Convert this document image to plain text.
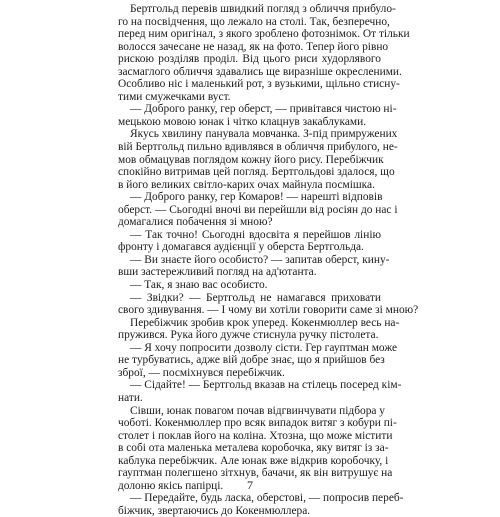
Бертгольд перевів швидкий погляд з обличчя прибуло-
го на посвідчення, що лежало на столі. Так, безперечно,
перед ним оригінал, з якого зроблено фотознімок. От тільки
волосся зачесане не назад, як на фото. Тепер його рівно
рискою розділяв проділ. Від цього риси худорлявого
засмаглого обличчя здавались ще виразніше окресленими.
Особливо ніс і маленький рот, з вузькими, щільно стисну-
тими смужечками вуст.
— Доброго ранку, гер оберст, — привітався чистою ні-
мецькою мовою юнак і чітко клацнув закаблуками.
Якусь хвилину панувала мовчанка. З-під примружених
вій Бертгольд пильно вдивлявся в обличчя прибулого, не-
мов обмацував поглядом кожну його рису. Перебіжчик
спокійно витримав цей погляд. Бертгольдові здалося, що
в його великих світло-карих очах майнула посмішка.
— Доброго ранку, гер Комаров! — нарешті відповів
оберст. — Сьогодні вночі ви перейшли від росіян до нас і
домагалися побачення зі мною?
— Так точно! Сьогодні вдосвіта я перейшов лінію
фронту і домагався аудієнції у оберста Бертгольда.
— Ви знаєте його особисто? — запитав оберст, кину-
вши застережливий погляд на ад'ютанта.
— Так, я знаю вас особисто.
— Звідки? — Бертгольд не намагався приховати
свого здивування. — І чому ви хотіли говорити саме зі мною?
Перебіжчик зробив крок уперед. Кокенмюллер весь на-
пружився. Рука його дужче стиснула ручку пістолета.
— Я хочу попросити дозволу сісти. Гер гауптман може
не турбуватись, адже вій добре знає, що я прийшов без
зброї, — посміхнувся перебіжчик.
— Сідайте! — Бертгольд вказав на стілець посеред кім-
нати.
Сівши, юнак повагом почав відгвинчувати підбора у
чоботі. Кокенмюллер про всяк випадок витяг з кобури пі-
столет і поклав його на коліна. Хтозна, що може містити
в собі ота маленька металева коробочка, яку витяг із за-
каблука перебіжчик. Але юнак вже відкрив коробочку, і
гауптман полегшено зітхнув, бачачи, як він витрушує на
долоню якісь папірці.
— Передайте, будь ласка, оберстові, — попросив переб-
біжчик, звертаючись до Кокенмюллера.
7
